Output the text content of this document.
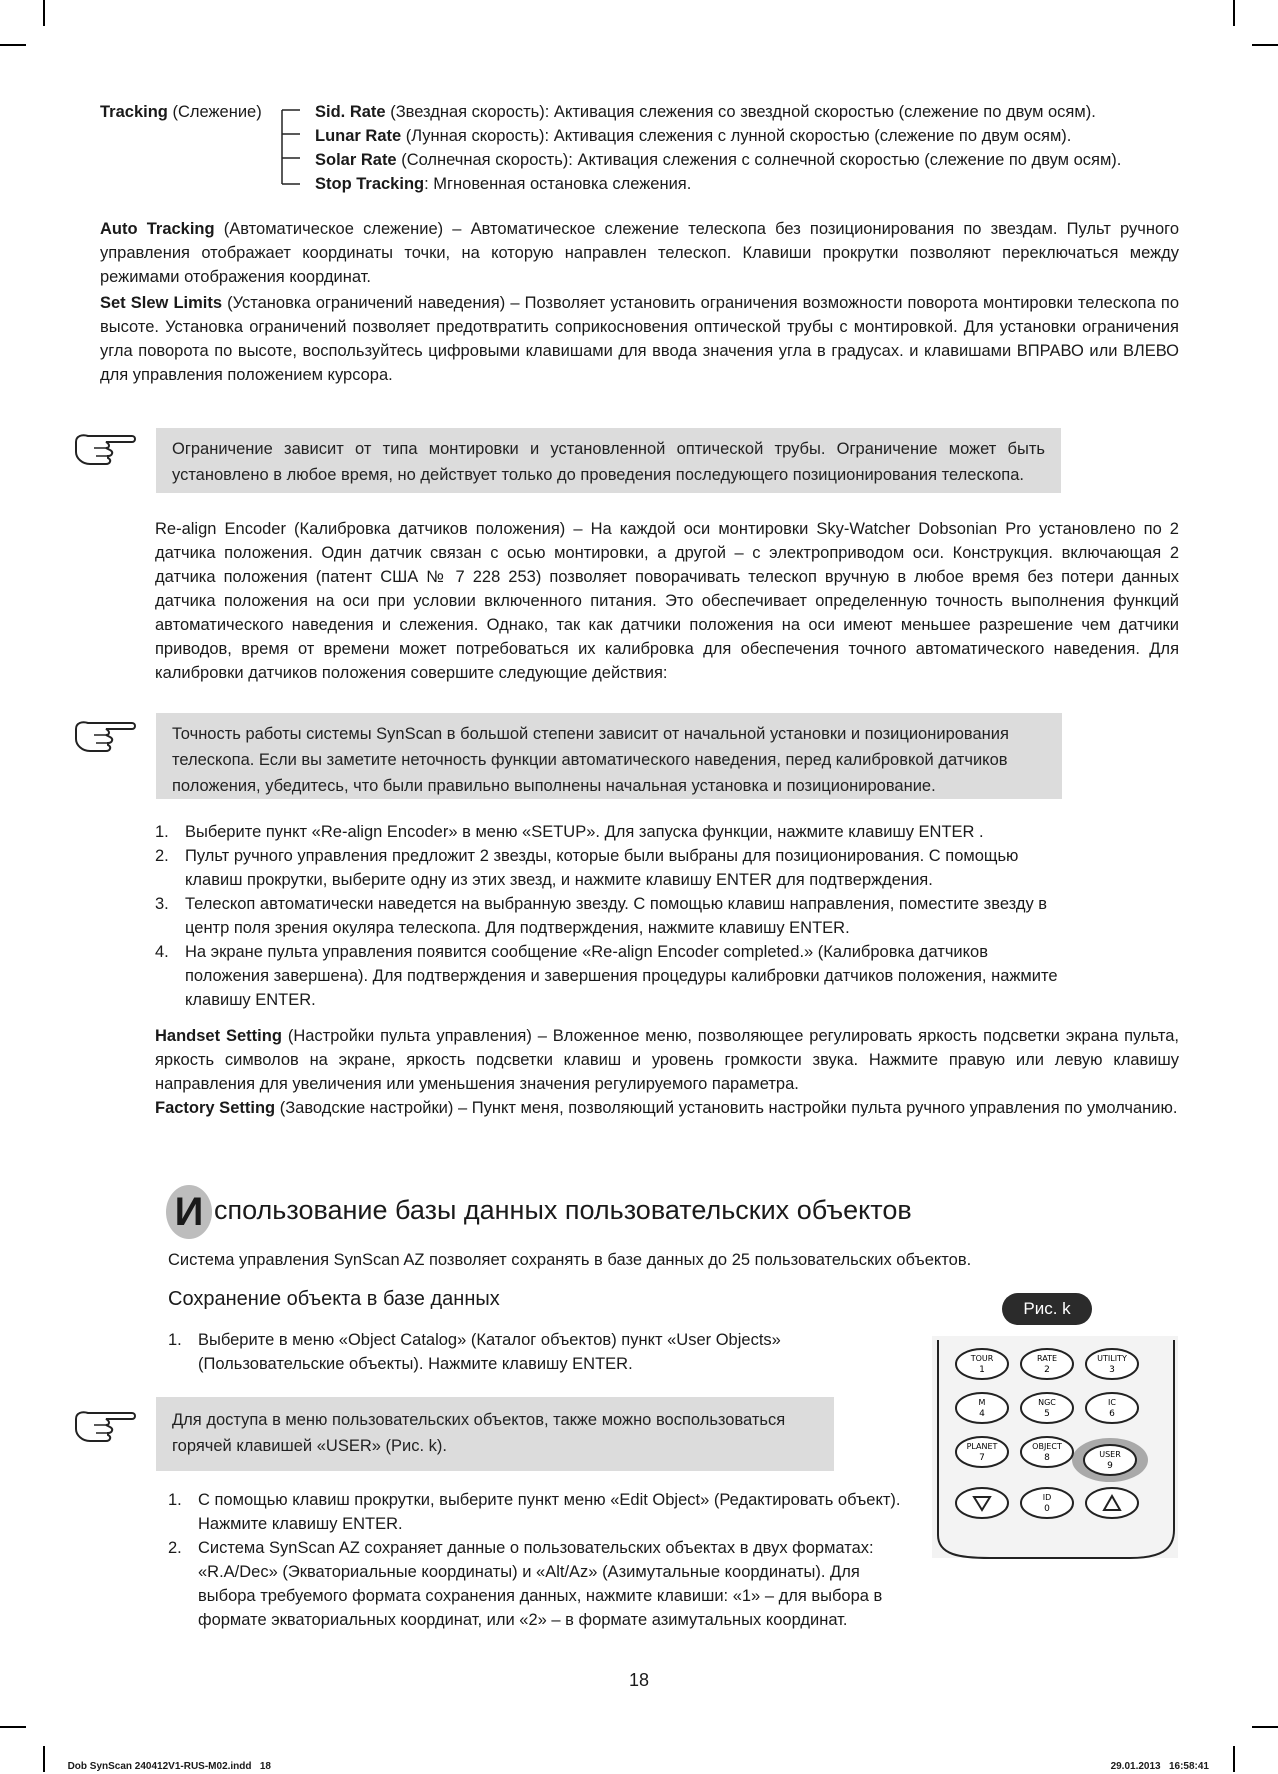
Tracking (Слежение)	Sid. Rate (Звездная скорость): Активация слежения со звездной скоростью (слежение по двум осям).
Lunar Rate (Лунная скорость): Активация слежения с лунной скоростью (слежение по двум осям).
Solar Rate (Солнечная скорость): Активация слежения с солнечной скоростью (слежение по двум осям).
Stop Tracking: Мгновенная остановка слежения.
Auto Tracking (Автоматическое слежение) – Автоматическое слежение телескопа без позиционирования по звездам. Пульт ручного управления отображает координаты точки, на которую направлен телескоп. Клавиши прокрутки позволяют переключаться между режимами отображения координат.
Set Slew Limits (Установка ограничений наведения) – Позволяет установить ограничения возможности поворота монтировки телескопа по высоте. Установка ограничений позволяет предотвратить соприкосновения оптической трубы с монтировкой. Для установки ограничения угла поворота по высоте, воспользуйтесь цифровыми клавишами для ввода значения угла в градусах. и клавишами ВПРАВО или ВЛЕВО для управления положением курсора.
Ограничение зависит от типа монтировки и установленной оптической трубы. Ограничение может быть установлено в любое время, но действует только до проведения последующего позиционирования телескопа.
Re-align Encoder (Калибровка датчиков положения) – На каждой оси монтировки Sky-Watcher Dobsonian Pro установлено по 2 датчика положения. Один датчик связан с осью монтировки, а другой – с электроприводом оси. Конструкция. включающая 2 датчика положения (патент США № 7 228 253) позволяет поворачивать телескоп вручную в любое время без потери данных датчика положения на оси при условии включенного питания. Это обеспечивает определенную точность выполнения функций автоматического наведения и слежения. Однако, так как датчики положения на оси имеют меньшее разрешение чем датчики приводов, время от времени может потребоваться их калибровка для обеспечения точного автоматического наведения. Для калибровки датчиков положения совершите следующие действия:
Точность работы системы SynScan в большой степени зависит от начальной установки и позиционирования телескопа. Если вы заметите неточность функции автоматического наведения, перед калибровкой датчиков положения, убедитесь, что были правильно выполнены начальная установка и позиционирование.
1. Выберите пункт «Re-align Encoder» в меню «SETUP». Для запуска функции, нажмите клавишу ENTER .
2. Пульт ручного управления предложит 2 звезды, которые были выбраны для позиционирования. С помощью клавиш прокрутки, выберите одну из этих звезд, и нажмите клавишу ENTER для подтверждения.
3. Телескоп автоматически наведется на выбранную звезду. С помощью клавиш направления, поместите звезду в центр поля зрения окуляра телескопа. Для подтверждения, нажмите клавишу ENTER.
4. На экране пульта управления появится сообщение «Re-align Encoder completed.» (Калибровка датчиков положения завершена). Для подтверждения и завершения процедуры калибровки датчиков положения, нажмите клавишу ENTER.
Handset Setting (Настройки пульта управления) – Вложенное меню, позволяющее регулировать яркость подсветки экрана пульта, яркость символов на экране, яркость подсветки клавиш и уровень громкости звука. Нажмите правую или левую клавишу направления для увеличения или уменьшения значения регулируемого параметра.
Factory Setting (Заводские настройки) – Пункт меня, позволяющий установить настройки пульта ручного управления по умолчанию.
И спользование базы данных пользовательских объектов
Система управления SynScan AZ позволяет сохранять в базе данных до 25 пользовательских объектов.
Сохранение объекта в базе данных
1. Выберите в меню «Object Catalog» (Каталог объектов) пункт «User Objects» (Пользовательские объекты). Нажмите клавишу ENTER.
Для доступа в меню пользовательских объектов, также можно воспользоваться горячей клавишей «USER» (Рис. k).
1. С помощью клавиш прокрутки, выберите пункт меню «Edit Object» (Редактировать объект). Нажмите клавишу ENTER.
2. Система SynScan AZ сохраняет данные о пользовательских объектах в двух форматах: «R.A/Dec» (Экваториальные координаты) и «Alt/Az» (Азимутальные координаты). Для выбора требуемого формата сохранения данных, нажмите клавиши: «1» – для выбора в формате экваториальных координат, или «2» – в формате азимутальных координат.
Рис. k
TOUR
1
RATE
2
UTILITY
3
M
4
NGC
5
IC
6
PLANET
7
OBJECT
8	USER
9
ID
0
18

Dob SynScan 240412V1-RUS-M02.indd   18	29.01.2013   16:58:41
